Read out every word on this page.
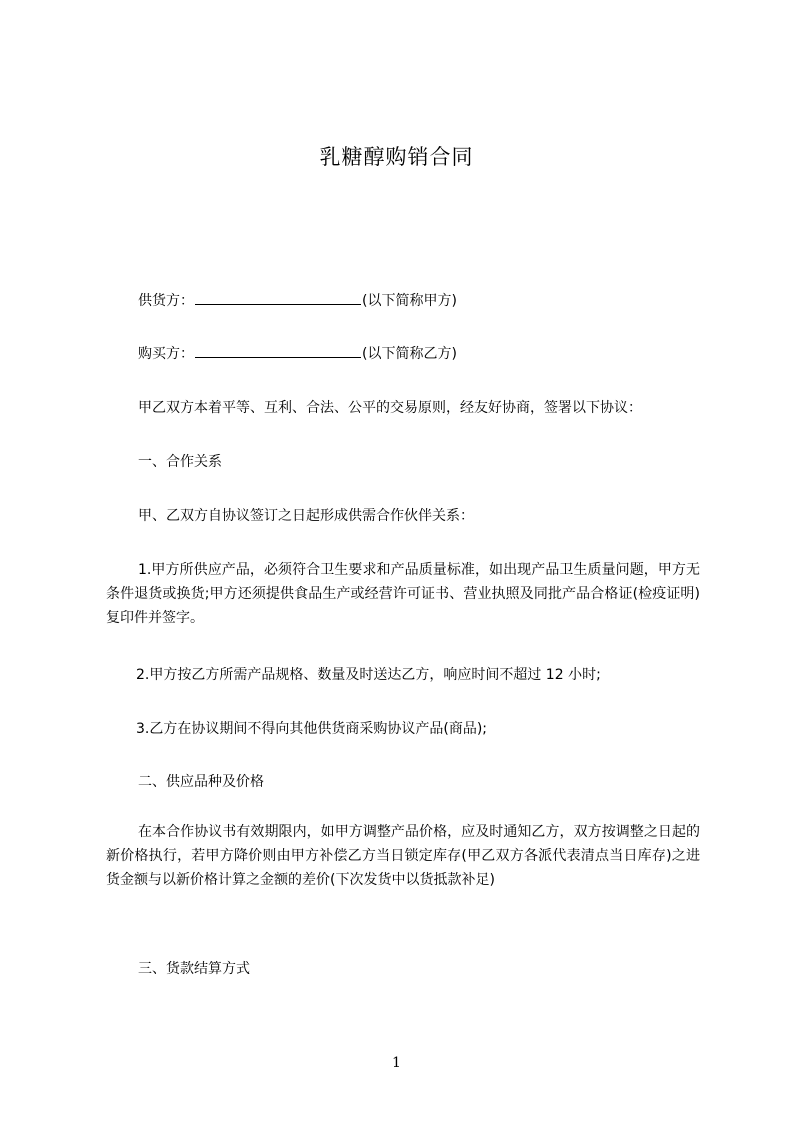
乳糖醇购销合同

供货方：	(以下简称甲方)

购买方：	(以下简称乙方)

甲乙双方本着平等、互利、合法、公平的交易原则，经友好协商，签署以下协议：

一、合作关系

甲、乙双方自协议签订之日起形成供需合作伙伴关系：

1.甲方所供应产品，必须符合卫生要求和产品质量标准，如出现产品卫生质量问题，甲方无条件退货或换货;甲方还须提供食品生产或经营许可证书、营业执照及同批产品合格证(检疫证明)复印件并签字。

2.甲方按乙方所需产品规格、数量及时送达乙方，响应时间不超过 12 小时;

3.乙方在协议期间不得向其他供货商采购协议产品(商品);

二、供应品种及价格

在本合作协议书有效期限内，如甲方调整产品价格，应及时通知乙方，双方按调整之日起的新价格执行，若甲方降价则由甲方补偿乙方当日锁定库存(甲乙双方各派代表清点当日库存)之进货金额与以新价格计算之金额的差价(下次发货中以货抵款补足)

三、货款结算方式

1
